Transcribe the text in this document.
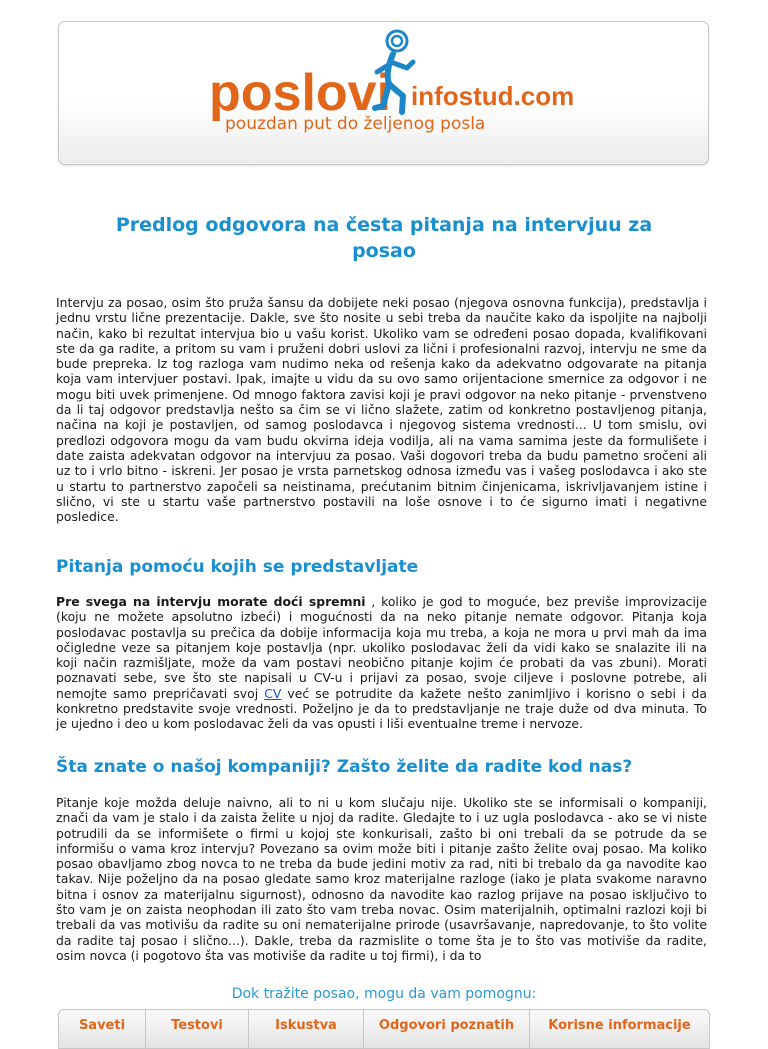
poslovi infostud.com
pouzdan put do željenog posla
Predlog odgovora na česta pitanja na intervjuu za
posao

Intervju za posao, osim što pruža šansu da dobijete neki posao (njegova osnovna funkcija), predstavlja i jednu vrstu lične prezentacije. Dakle, sve što nosite u sebi treba da naučite kako da ispoljite na najbolji način, kako bi rezultat intervjua bio u vašu korist. Ukoliko vam se određeni posao dopada, kvalifikovani ste da ga radite, a pritom su vam i pruženi dobri uslovi za lični i profesionalni razvoj, intervju ne sme da bude prepreka. Iz tog razloga vam nudimo neka od rešenja kako da adekvatno odgovarate na pitanja koja vam intervjuer postavi. Ipak, imajte u vidu da su ovo samo orijentacione smernice za odgovor i ne mogu biti uvek primenjene. Od mnogo faktora zavisi koji je pravi odgovor na neko pitanje - prvenstveno da li taj odgovor predstavlja nešto sa čim se vi lično slažete, zatim od konkretno postavljenog pitanja, načina na koji je postavljen, od samog poslodavca i njegovog sistema vrednosti... U tom smislu, ovi predlozi odgovora mogu da vam budu okvirna ideja vodilja, ali na vama samima jeste da formulišete i date zaista adekvatan odgovor na intervjuu za posao. Vaši dogovori treba da budu pametno sročeni ali uz to i vrlo bitno - iskreni. Jer posao je vrsta parnetskog odnosa između vas i vašeg poslodavca i ako ste u startu to partnerstvo započeli sa neistinama, prećutanim bitnim činjenicama, iskrivljavanjem istine i slično, vi ste u startu vaše partnerstvo postavili na loše osnove i to će sigurno imati i negativne posledice.

Pitanja pomoću kojih se predstavljate

Pre svega na intervju morate doći spremni , koliko je god to moguće, bez previše improvizacije (koju ne možete apsolutno izbeći) i mogućnosti da na neko pitanje nemate odgovor. Pitanja koja poslodavac postavlja su prečica da dobije informacija koja mu treba, a koja ne mora u prvi mah da ima očigledne veze sa pitanjem koje postavlja (npr. ukoliko poslodavac želi da vidi kako se snalazite ili na koji način razmišljate, može da vam postavi neobično pitanje kojim će probati da vas zbuni). Morati poznavati sebe, sve što ste napisali u CV-u i prijavi za posao, svoje ciljeve i poslovne potrebe, ali nemojte samo prepričavati svoj CV već se potrudite da kažete nešto zanimljivo i korisno o sebi i da konkretno predstavite svoje vrednosti. Poželjno je da to predstavljanje ne traje duže od dva minuta. To je ujedno i deo u kom poslodavac želi da vas opusti i liši eventualne treme i nervoze.

Šta znate o našoj kompaniji? Zašto želite da radite kod nas?

Pitanje koje možda deluje naivno, ali to ni u kom slučaju nije. Ukoliko ste se informisali o kompaniji, znači da vam je stalo i da zaista želite u njoj da radite. Gledajte to i uz ugla poslodavca - ako se vi niste potrudili da se informišete o firmi u kojoj ste konkurisali, zašto bi oni trebali da se potrude da se informišu o vama kroz intervju? Povezano sa ovim može biti i pitanje zašto želite ovaj posao. Ma koliko posao obavljamo zbog novca to ne treba da bude jedini motiv za rad, niti bi trebalo da ga navodite kao takav. Nije poželjno da na posao gledate samo kroz materijalne razloge (iako je plata svakome naravno bitna i osnov za materijalnu sigurnost), odnosno da navodite kao razlog prijave na posao isključivo to što vam je on zaista neophodan ili zato što vam treba novac. Osim materijalnih, optimalni razlozi koji bi trebali da vas motivišu da radite su oni nematerijalne prirode (usavršavanje, napredovanje, to što volite da radite taj posao i slično...). Dakle, treba da razmislite o tome šta je to što vas motiviše da radite, osim novca (i pogotovo šta vas motiviše da radite u toj firmi), i da to

Dok tražite posao, mogu da vam pomognu:
Saveti	Testovi	Iskustva	Odgovori poznatih	Korisne informacije
